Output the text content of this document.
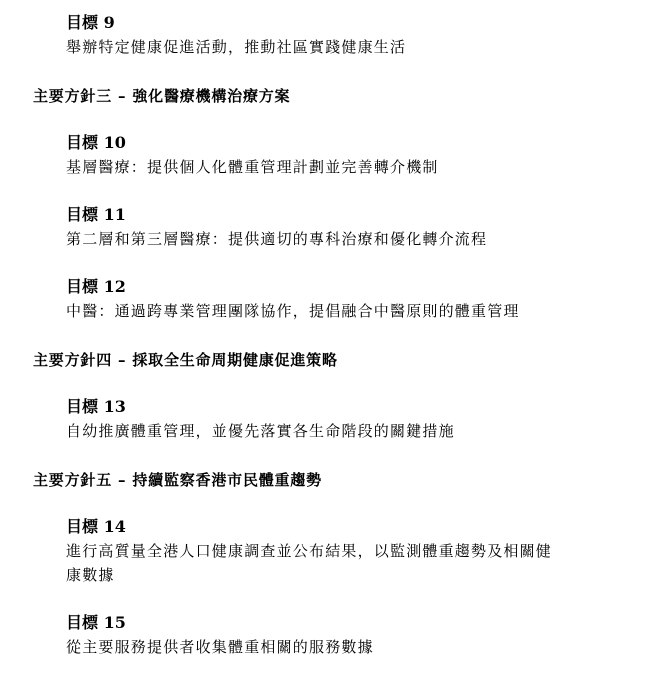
目標 9
舉辦特定健康促進活動，推動社區實踐健康生活
主要方針三 – 強化醫療機構治療方案
目標 10
基層醫療：提供個人化體重管理計劃並完善轉介機制
目標 11
第二層和第三層醫療：提供適切的專科治療和優化轉介流程
目標 12
中醫：通過跨專業管理團隊協作，提倡融合中醫原則的體重管理
主要方針四 – 採取全生命周期健康促進策略
目標 13
自幼推廣體重管理，並優先落實各生命階段的關鍵措施
主要方針五 – 持續監察香港市民體重趨勢
目標 14
進行高質量全港人口健康調查並公布結果，以監測體重趨勢及相關健
康數據
目標 15
從主要服務提供者收集體重相關的服務數據
